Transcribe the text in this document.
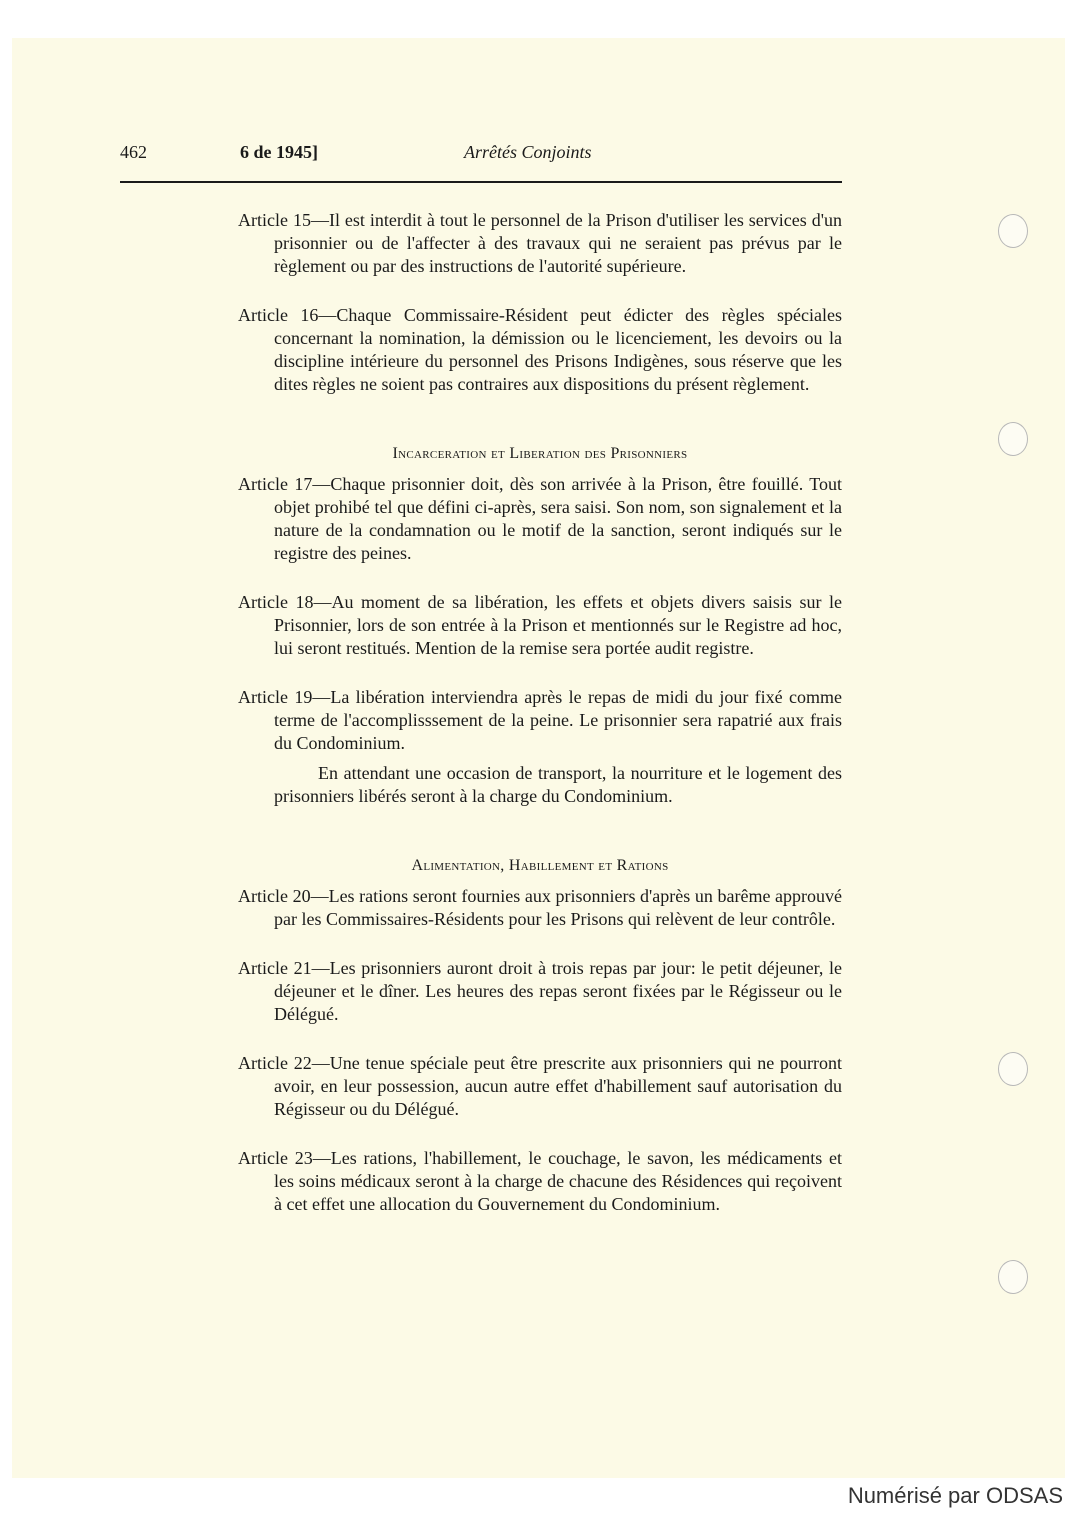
462	6 de 1945]	Arrêtés Conjoints

Article 15—Il est interdit à tout le personnel de la Prison d'utiliser les services d'un prisonnier ou de l'affecter à des travaux qui ne seraient pas prévus par le règlement ou par des instructions de l'autorité supérieure.

Article 16—Chaque Commissaire-Résident peut édicter des règles spéciales concernant la nomination, la démission ou le licenciement, les devoirs ou la discipline intérieure du personnel des Prisons Indigènes, sous réserve que les dites règles ne soient pas contraires aux dispositions du présent règlement.

Incarceration et Liberation des Prisonniers

Article 17—Chaque prisonnier doit, dès son arrivée à la Prison, être fouillé. Tout objet prohibé tel que défini ci-après, sera saisi. Son nom, son signalement et la nature de la condamnation ou le motif de la sanction, seront indiqués sur le registre des peines.

Article 18—Au moment de sa libération, les effets et objets divers saisis sur le Prisonnier, lors de son entrée à la Prison et mentionnés sur le Registre ad hoc, lui seront restitués. Mention de la remise sera portée audit registre.

Article 19—La libération interviendra après le repas de midi du jour fixé comme terme de l'accomplisssement de la peine. Le prisonnier sera rapatrié aux frais du Condominium.

En attendant une occasion de transport, la nourriture et le logement des prisonniers libérés seront à la charge du Condominium.

Alimentation, Habillement et Rations

Article 20—Les rations seront fournies aux prisonniers d'après un barême approuvé par les Commissaires-Résidents pour les Prisons qui relèvent de leur contrôle.

Article 21—Les prisonniers auront droit à trois repas par jour: le petit déjeuner, le déjeuner et le dîner. Les heures des repas seront fixées par le Régisseur ou le Délégué.

Article 22—Une tenue spéciale peut être prescrite aux prisonniers qui ne pourront avoir, en leur possession, aucun autre effet d'habillement sauf autorisation du Régisseur ou du Délégué.

Article 23—Les rations, l'habillement, le couchage, le savon, les médicaments et les soins médicaux seront à la charge de chacune des Résidences qui reçoivent à cet effet une allocation du Gouvernement du Condominium.

Numérisé par ODSAS
